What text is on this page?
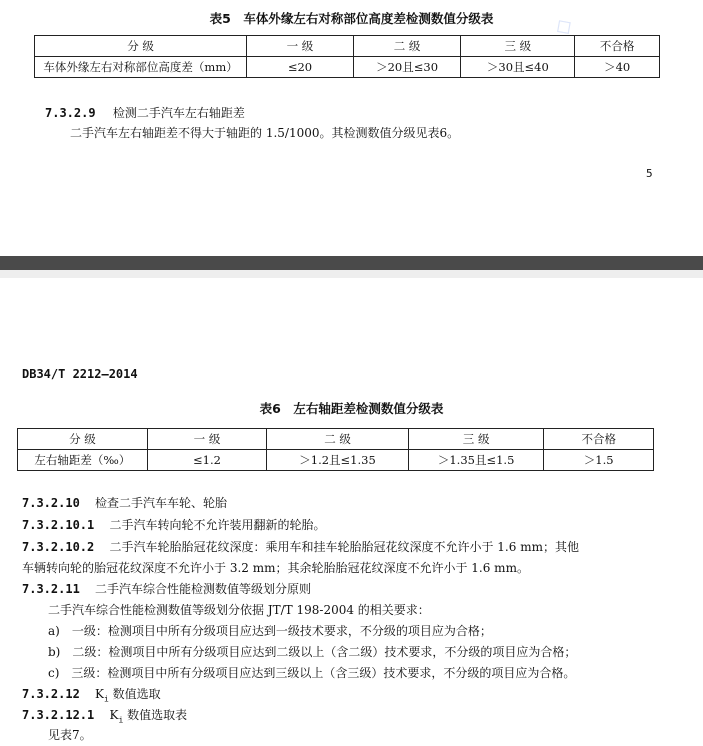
◇
表5　车体外缘左右对称部位高度差检测数值分级表
分 级	一 级	二 级	三 级	不合格
车体外缘左右对称部位高度差（mm）	≤20	＞20且≤30	＞30且≤40	＞40
7.3.2.9 检测二手汽车左右轴距差
二手汽车左右轴距差不得大于轴距的 1.5/1000。其检测数值分级见表6。
5
DB34/T 2212—2014
表6　左右轴距差检测数值分级表
分 级	一 级	二 级	三 级	不合格
左右轴距差（‰）	≤1.2	＞1.2且≤1.35	＞1.35且≤1.5	＞1.5
7.3.2.10 检查二手汽车车轮、轮胎
7.3.2.10.1 二手汽车转向轮不允许装用翻新的轮胎。
7.3.2.10.2 二手汽车轮胎胎冠花纹深度：乘用车和挂车轮胎胎冠花纹深度不允许小于 1.6 mm；其他
车辆转向轮的胎冠花纹深度不允许小于 3.2 mm；其余轮胎胎冠花纹深度不允许小于 1.6 mm。
7.3.2.11 二手汽车综合性能检测数值等级划分原则
二手汽车综合性能检测数值等级划分依据 JT/T 198-2004 的相关要求：
a)　一级：检测项目中所有分级项目应达到一级技术要求，不分级的项目应为合格；
b)　二级：检测项目中所有分级项目应达到二级以上（含二级）技术要求，不分级的项目应为合格；
c)　三级：检测项目中所有分级项目应达到三级以上（含三级）技术要求，不分级的项目应为合格。
7.3.2.12 $K_i$ 数值选取
7.3.2.12.1 $K_i$ 数值选取表
见表7。
